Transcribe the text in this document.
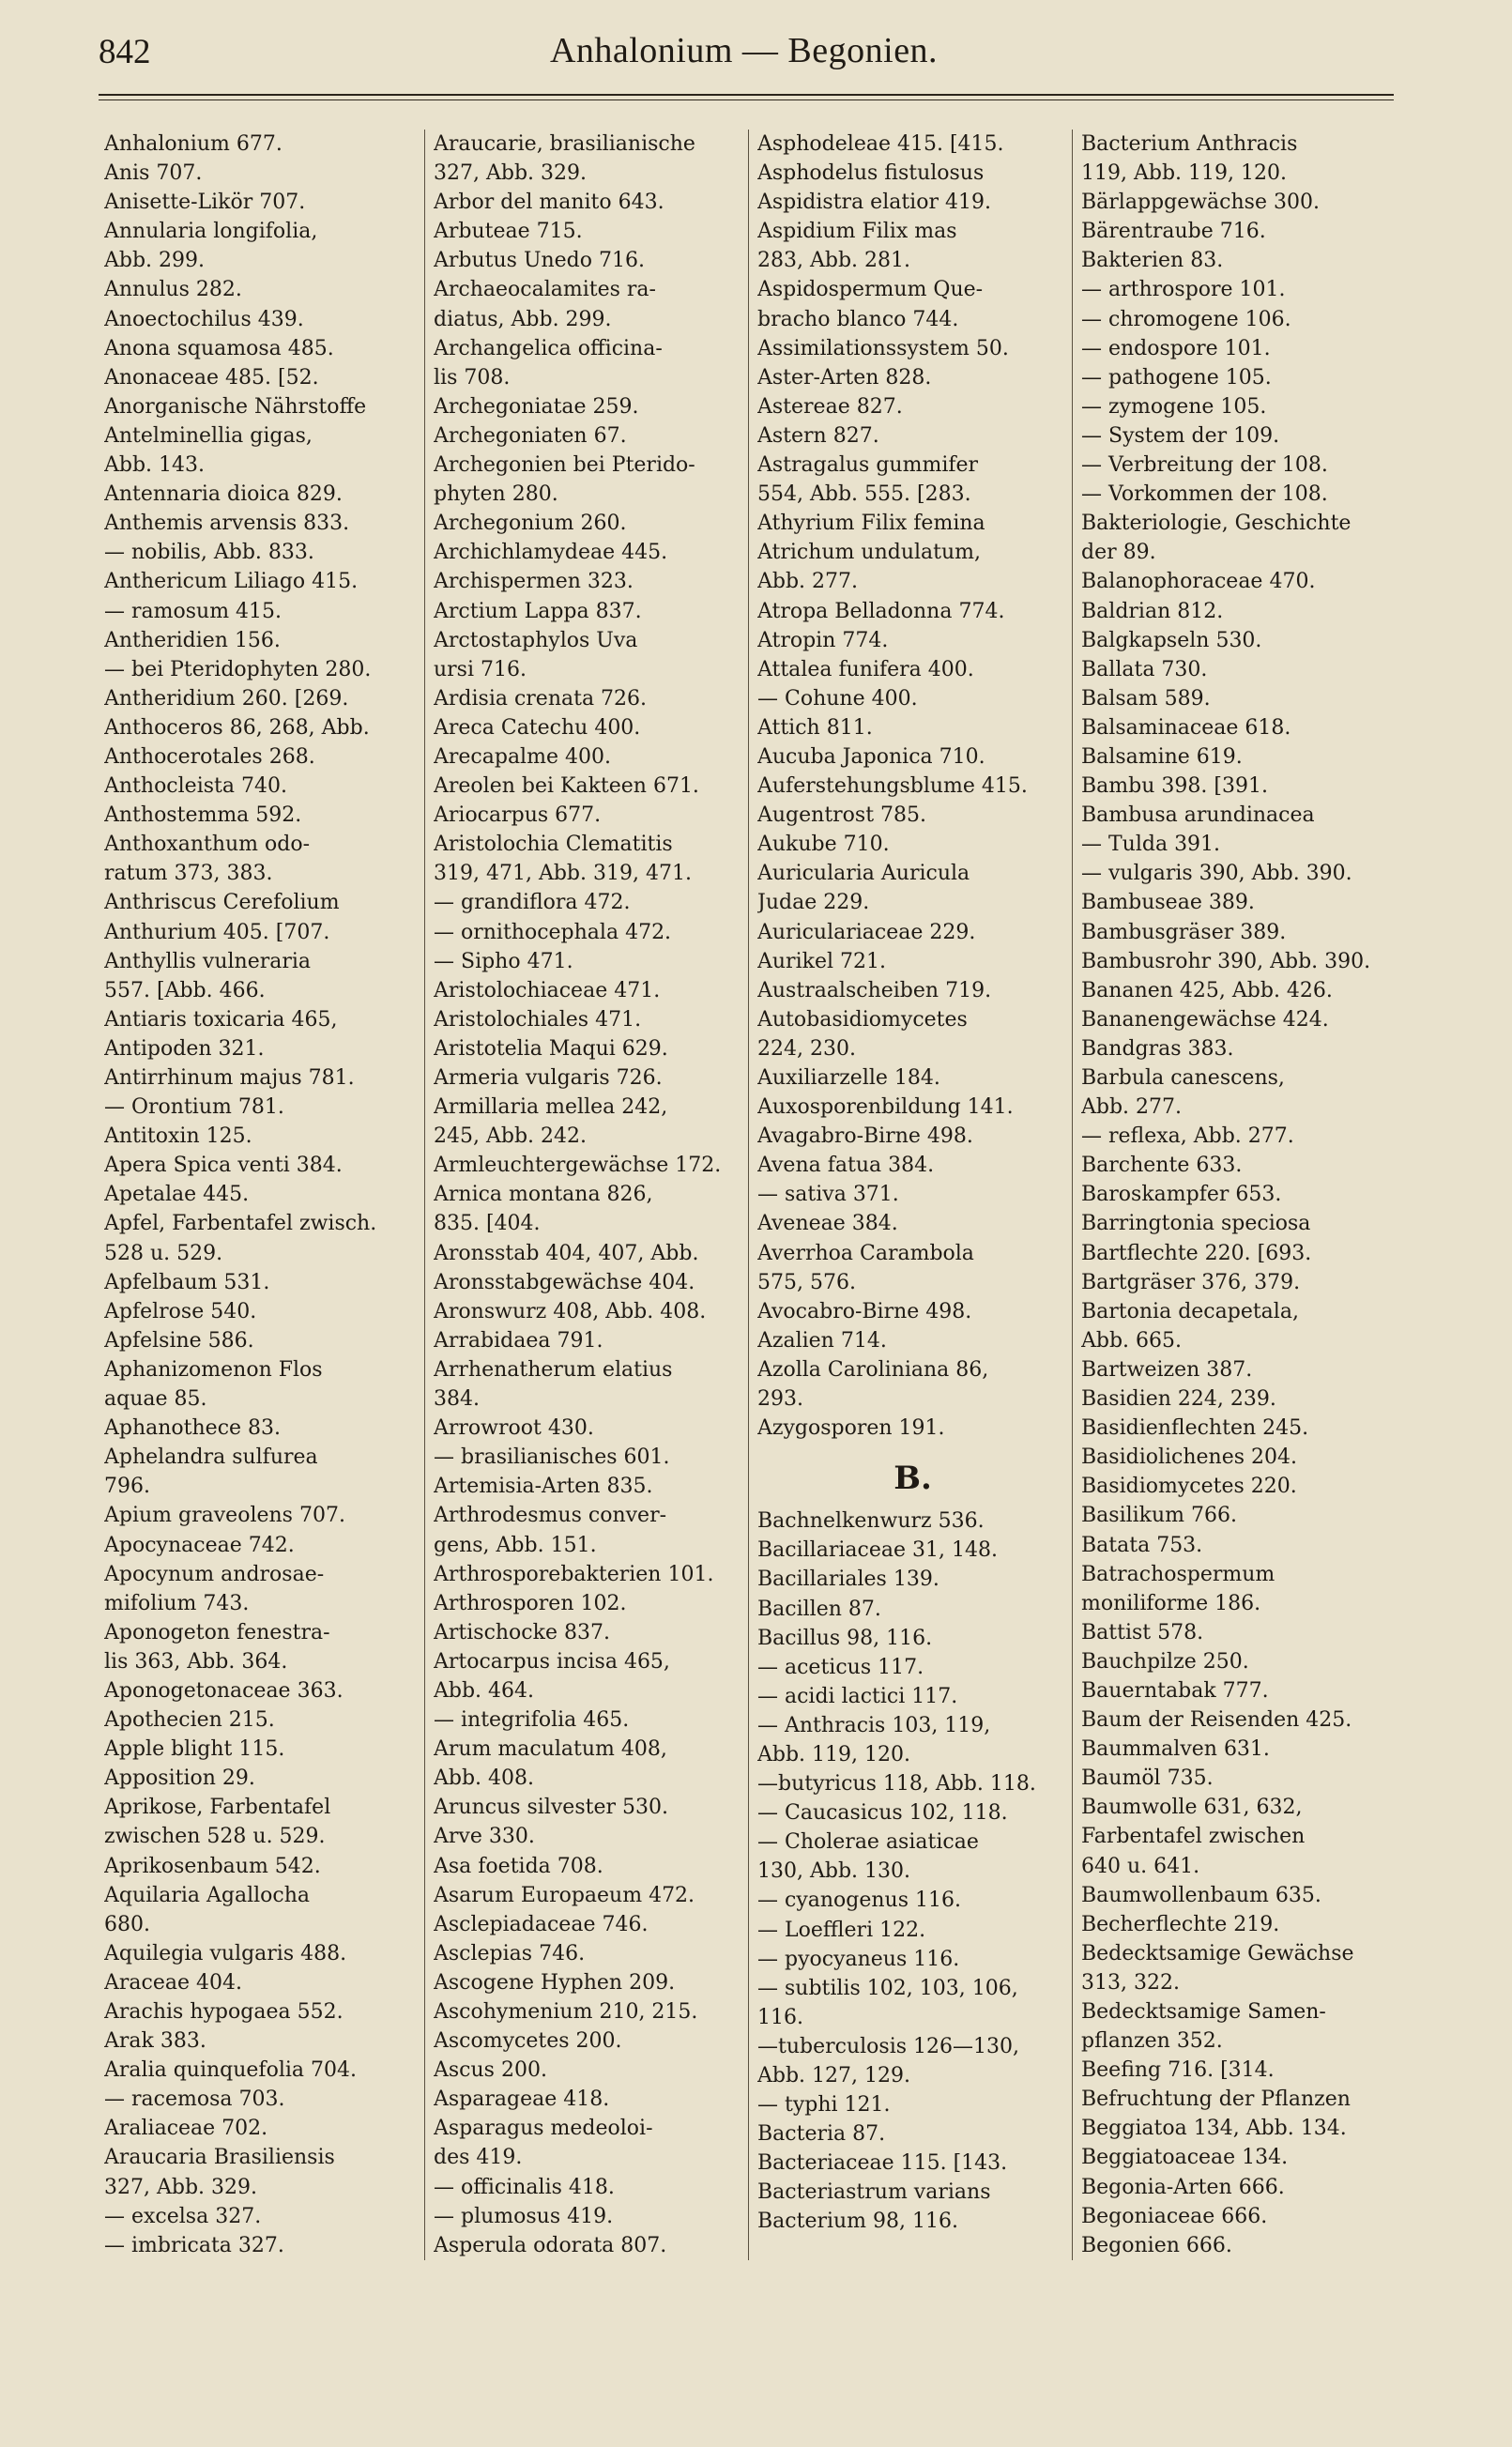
842	Anhalonium — Begonien.
Anhalonium 677.
Anis 707.
Anisette-Likör 707.
Annularia longifolia,
Abb. 299.
Annulus 282.
Anoectochilus 439.
Anona squamosa 485.
Anonaceae 485. [52.
Anorganische Nährstoffe
Antelminellia gigas,
Abb. 143.
Antennaria dioica 829.
Anthemis arvensis 833.
— nobilis, Abb. 833.
Anthericum Liliago 415.
— ramosum 415.
Antheridien 156.
— bei Pteridophyten 280.
Antheridium 260. [269.
Anthoceros 86, 268, Abb.
Anthocerotales 268.
Anthocleista 740.
Anthostemma 592.
Anthoxanthum odo-
ratum 373, 383.
Anthriscus Cerefolium
Anthurium 405. [707.
Anthyllis vulneraria
557. [Abb. 466.
Antiaris toxicaria 465,
Antipoden 321.
Antirrhinum majus 781.
— Orontium 781.
Antitoxin 125.
Apera Spica venti 384.
Apetalae 445.
Apfel, Farbentafel zwisch.
528 u. 529.
Apfelbaum 531.
Apfelrose 540.
Apfelsine 586.
Aphanizomenon Flos
aquae 85.
Aphanothece 83.
Aphelandra sulfurea
796.
Apium graveolens 707.
Apocynaceae 742.
Apocynum androsae-
mifolium 743.
Aponogeton fenestra-
lis 363, Abb. 364.
Aponogetonaceae 363.
Apothecien 215.
Apple blight 115.
Apposition 29.
Aprikose, Farbentafel
zwischen 528 u. 529.
Aprikosenbaum 542.
Aquilaria Agallocha
680.
Aquilegia vulgaris 488.
Araceae 404.
Arachis hypogaea 552.
Arak 383.
Aralia quinquefolia 704.
— racemosa 703.
Araliaceae 702.
Araucaria Brasiliensis
327, Abb. 329.
— excelsa 327.
— imbricata 327.
Araucarie, brasilianische
327, Abb. 329.
Arbor del manito 643.
Arbuteae 715.
Arbutus Unedo 716.
Archaeocalamites ra-
diatus, Abb. 299.
Archangelica officina-
lis 708.
Archegoniatae 259.
Archegoniaten 67.
Archegonien bei Pterido-
phyten 280.
Archegonium 260.
Archichlamydeae 445.
Archispermen 323.
Arctium Lappa 837.
Arctostaphylos Uva
ursi 716.
Ardisia crenata 726.
Areca Catechu 400.
Arecapalme 400.
Areolen bei Kakteen 671.
Ariocarpus 677.
Aristolochia Clematitis
319, 471, Abb. 319, 471.
— grandiflora 472.
— ornithocephala 472.
— Sipho 471.
Aristolochiaceae 471.
Aristolochiales 471.
Aristotelia Maqui 629.
Armeria vulgaris 726.
Armillaria mellea 242,
245, Abb. 242.
Armleuchtergewächse 172.
Arnica montana 826,
835. [404.
Aronsstab 404, 407, Abb.
Aronsstabgewächse 404.
Aronswurz 408, Abb. 408.
Arrabidaea 791.
Arrhenatherum elatius
384.
Arrowroot 430.
— brasilianisches 601.
Artemisia-Arten 835.
Arthrodesmus conver-
gens, Abb. 151.
Arthrosporebakterien 101.
Arthrosporen 102.
Artischocke 837.
Artocarpus incisa 465,
Abb. 464.
— integrifolia 465.
Arum maculatum 408,
Abb. 408.
Aruncus silvester 530.
Arve 330.
Asa foetida 708.
Asarum Europaeum 472.
Asclepiadaceae 746.
Asclepias 746.
Ascogene Hyphen 209.
Ascohymenium 210, 215.
Ascomycetes 200.
Ascus 200.
Asparageae 418.
Asparagus medeoloi-
des 419.
— officinalis 418.
— plumosus 419.
Asperula odorata 807.
Asphodeleae 415. [415.
Asphodelus fistulosus
Aspidistra elatior 419.
Aspidium Filix mas
283, Abb. 281.
Aspidospermum Que-
bracho blanco 744.
Assimilationssystem 50.
Aster-Arten 828.
Astereae 827.
Astern 827.
Astragalus gummifer
554, Abb. 555. [283.
Athyrium Filix femina
Atrichum undulatum,
Abb. 277.
Atropa Belladonna 774.
Atropin 774.
Attalea funifera 400.
— Cohune 400.
Attich 811.
Aucuba Japonica 710.
Auferstehungsblume 415.
Augentrost 785.
Aukube 710.
Auricularia Auricula
Judae 229.
Auriculariaceae 229.
Aurikel 721.
Austraalscheiben 719.
Autobasidiomycetes
224, 230.
Auxiliarzelle 184.
Auxosporenbildung 141.
Avagabro-Birne 498.
Avena fatua 384.
— sativa 371.
Aveneae 384.
Averrhoa Carambola
575, 576.
Avocabro-Birne 498.
Azalien 714.
Azolla Caroliniana 86,
293.
Azygosporen 191.
B.
Bachnelkenwurz 536.
Bacillariaceae 31, 148.
Bacillariales 139.
Bacillen 87.
Bacillus 98, 116.
— aceticus 117.
— acidi lactici 117.
— Anthracis 103, 119,
Abb. 119, 120.
—butyricus 118, Abb. 118.
— Caucasicus 102, 118.
— Cholerae asiaticae
130, Abb. 130.
— cyanogenus 116.
— Loeffleri 122.
— pyocyaneus 116.
— subtilis 102, 103, 106,
116.
—tuberculosis 126—130,
Abb. 127, 129.
— typhi 121.
Bacteria 87.
Bacteriaceae 115. [143.
Bacteriastrum varians
Bacterium 98, 116.
Bacterium Anthracis
119, Abb. 119, 120.
Bärlappgewächse 300.
Bärentraube 716.
Bakterien 83.
— arthrospore 101.
— chromogene 106.
— endospore 101.
— pathogene 105.
— zymogene 105.
— System der 109.
— Verbreitung der 108.
— Vorkommen der 108.
Bakteriologie, Geschichte
der 89.
Balanophoraceae 470.
Baldrian 812.
Balgkapseln 530.
Ballata 730.
Balsam 589.
Balsaminaceae 618.
Balsamine 619.
Bambu 398. [391.
Bambusa arundinacea
— Tulda 391.
— vulgaris 390, Abb. 390.
Bambuseae 389.
Bambusgräser 389.
Bambusrohr 390, Abb. 390.
Bananen 425, Abb. 426.
Bananengewächse 424.
Bandgras 383.
Barbula canescens,
Abb. 277.
— reflexa, Abb. 277.
Barchente 633.
Baroskampfer 653.
Barringtonia speciosa
Bartflechte 220. [693.
Bartgräser 376, 379.
Bartonia decapetala,
Abb. 665.
Bartweizen 387.
Basidien 224, 239.
Basidienflechten 245.
Basidiolichenes 204.
Basidiomycetes 220.
Basilikum 766.
Batata 753.
Batrachospermum
moniliforme 186.
Battist 578.
Bauchpilze 250.
Bauerntabak 777.
Baum der Reisenden 425.
Baummalven 631.
Baumöl 735.
Baumwolle 631, 632,
Farbentafel zwischen
640 u. 641.
Baumwollenbaum 635.
Becherflechte 219.
Bedecktsamige Gewächse
313, 322.
Bedecktsamige Samen-
pflanzen 352.
Beefing 716. [314.
Befruchtung der Pflanzen
Beggiatoa 134, Abb. 134.
Beggiatoaceae 134.
Begonia-Arten 666.
Begoniaceae 666.
Begonien 666.
